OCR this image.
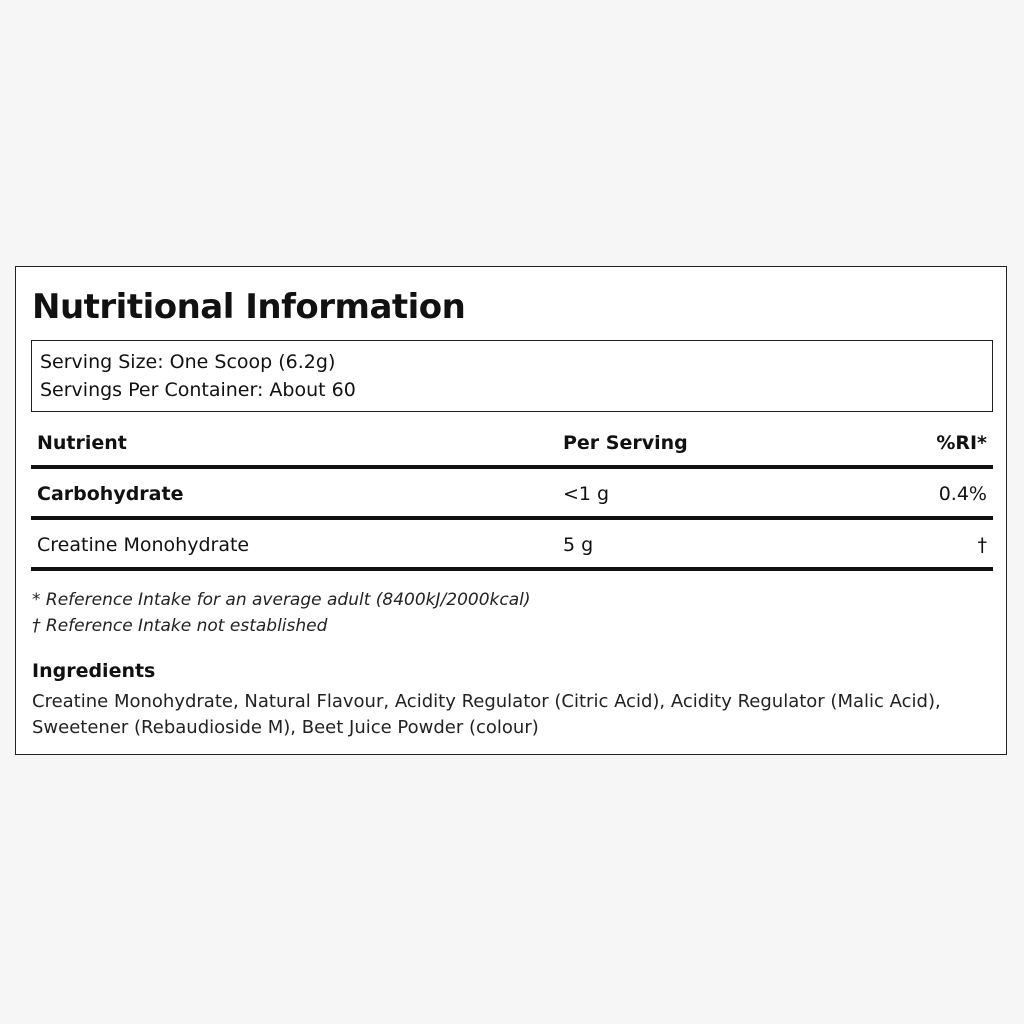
Nutritional Information
Serving Size: One Scoop (6.2g)
Servings Per Container: About 60
Nutrient	Per Serving	%RI*
Carbohydrate	<1 g	0.4%
Creatine Monohydrate	5 g	†
* Reference Intake for an average adult (8400kJ/2000kcal)
† Reference Intake not established
Ingredients
Creatine Monohydrate, Natural Flavour, Acidity Regulator (Citric Acid), Acidity Regulator (Malic Acid), Sweetener (Rebaudioside M), Beet Juice Powder (colour)
